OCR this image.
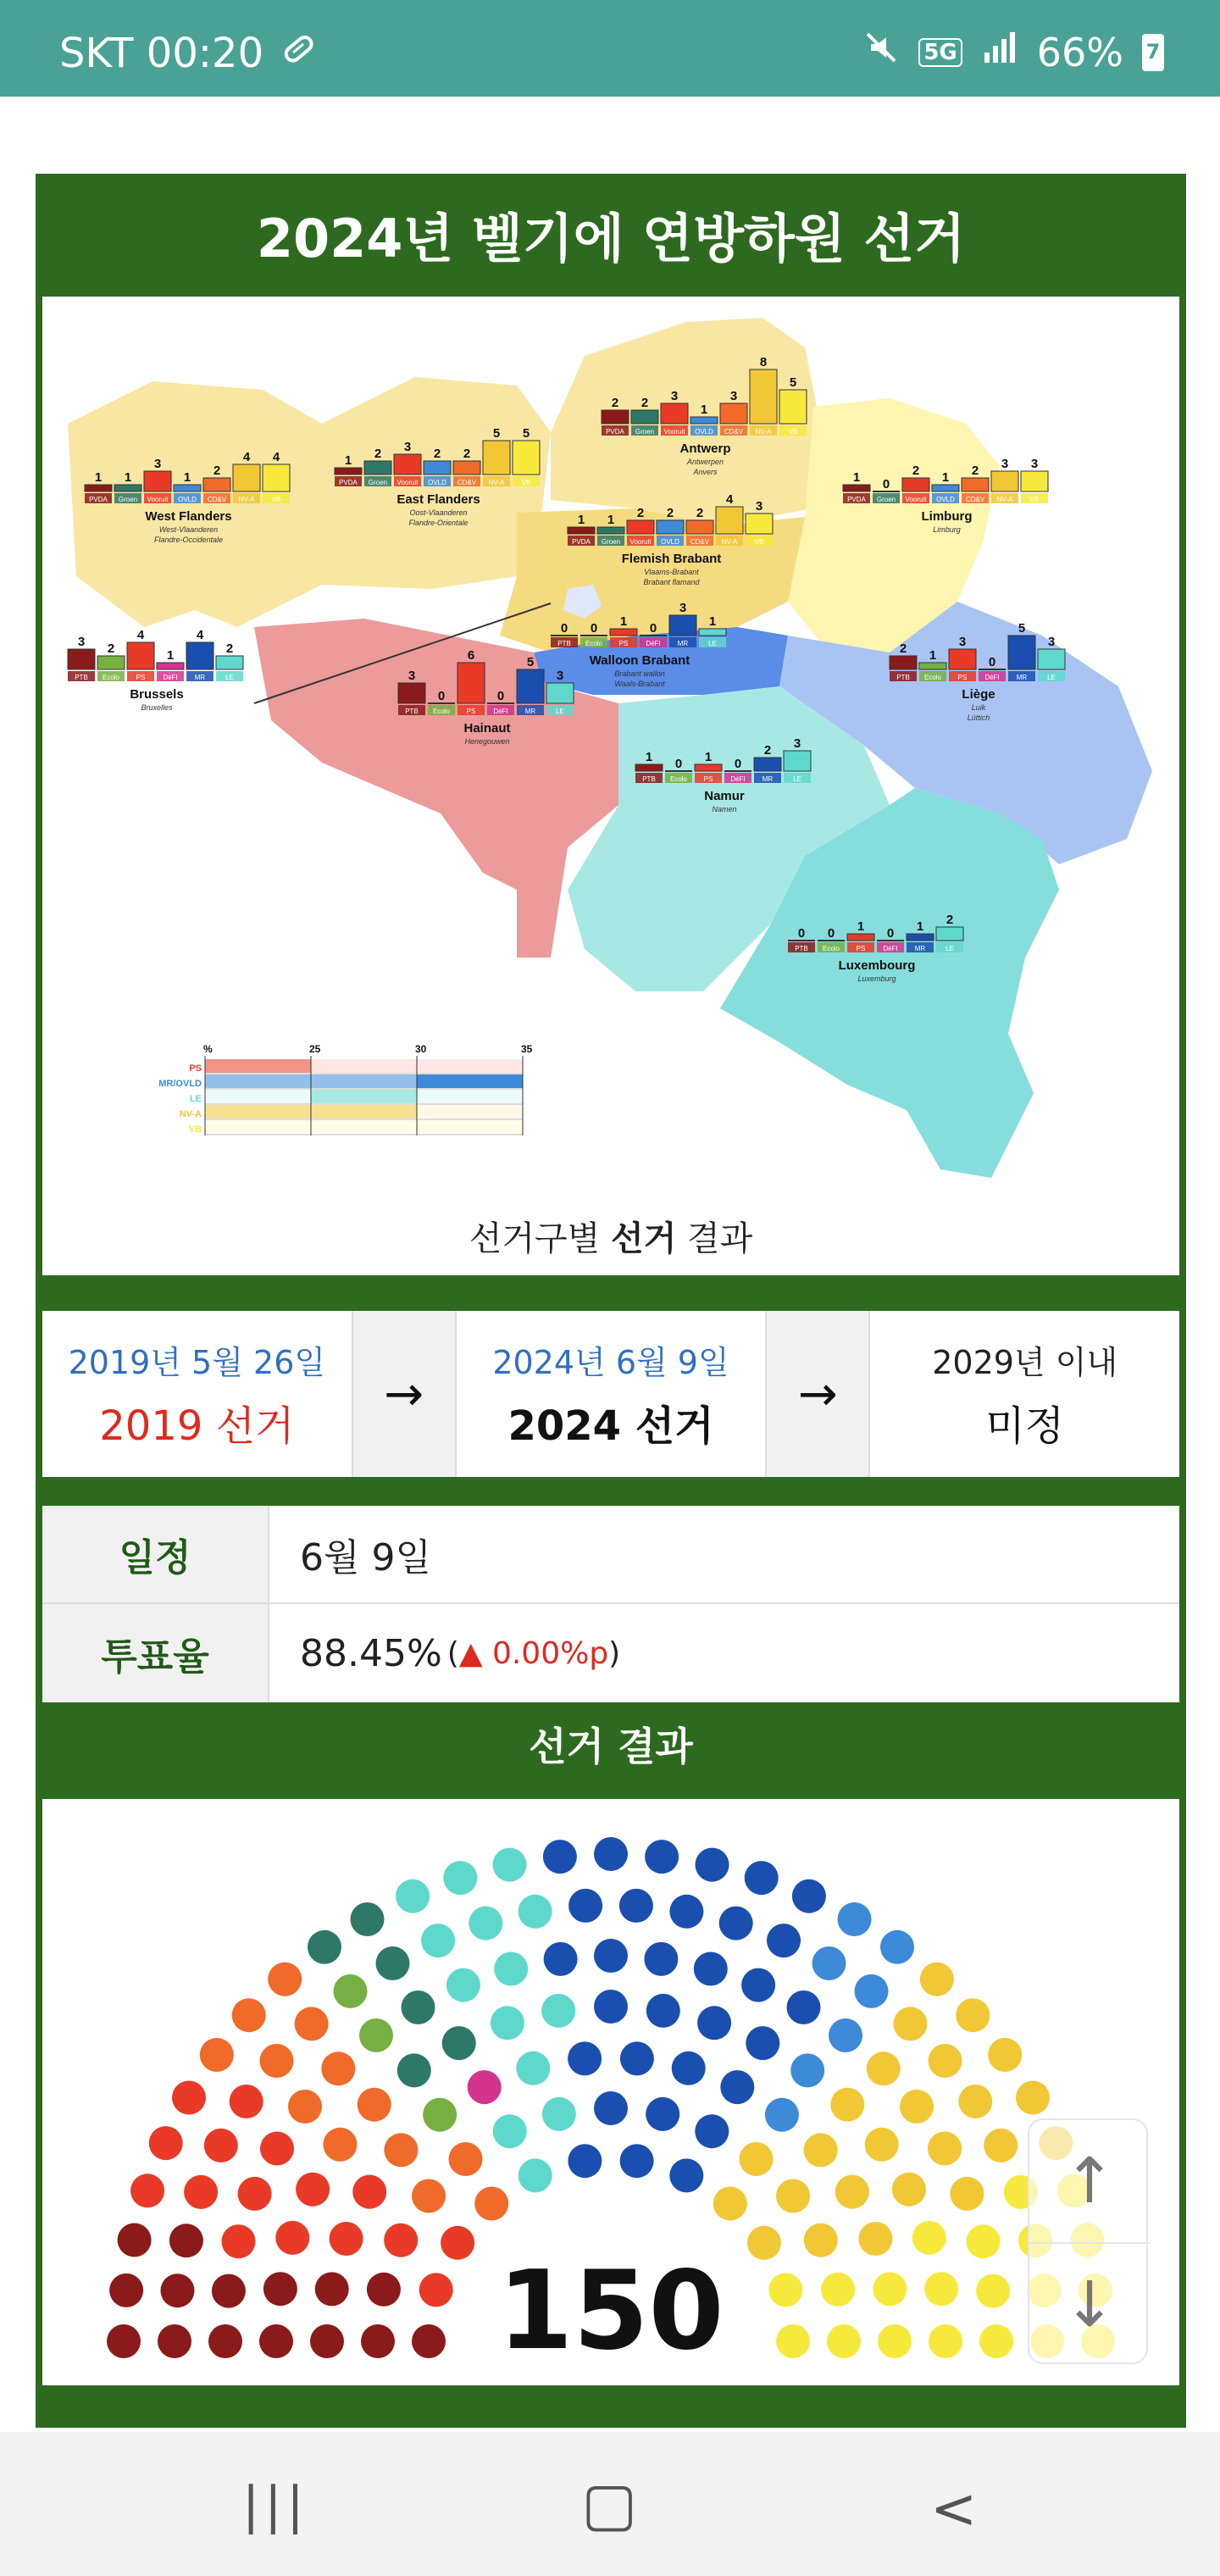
SKT 00:20	5G 66% 7
2024년 벨기에 연방하원 선거
2
PVDA
2
Groen
3
Vooruit
1
OVLD
3
CD&V
8
NV-A
5
VB
Antwerp
Antwerpen
Anvers
1
PVDA
1
Groen
3
Vooruit
1
OVLD
2
CD&V
4
NV-A
4
VB
West Flanders
West-Vlaanderen
Flandre-Occidentale
1
PVDA
2
Groen
3
Vooruit
2
OVLD
2
CD&V
5
NV-A
5
VB
East Flanders
Oost-Vlaanderen
Flandre-Orientale
1
PVDA
0
Groen
2
Vooruit
1
OVLD
2
CD&V
3
NV-A
3
VB
Limburg
Limburg
1
PVDA
1
Groen
2
Vooruit
2
OVLD
2
CD&V
4
NV-A
3
VB
Flemish Brabant
Vlaams-Brabant
Brabant flamand
0
PTB
0
Ecolo
1
PS
0
DéFI
3
MR
1
LE
Walloon Brabant
Brabant wallon
Waals-Brabant
3
PTB
2
Ecolo
4
PS
1
DéFI
4
MR
2
LE
Brussels
Bruxelles
3
PTB
0
Ecolo
6
PS
0
DéFI
5
MR
3
LE
Hainaut
Henegouwen
2
PTB
1
Ecolo
3
PS
0
DéFI
5
MR
3
LE
Liège
Luik
Lüttich
1
PTB
0
Ecolo
1
PS
0
DéFI
2
MR
3
LE
Namur
Namen
0
PTB
0
Ecolo
1
PS
0
DéFI
1
MR
2
LE
Luxembourg
Luxemburg
%	25	30	35
PS
MR/OVLD
LE
NV-A
VB
선거구별 선거 결과
2019년 5월 26일
2019 선거
→
2024년 6월 9일
2024 선거
→
2029년 이내
미정
일정	6월 9일
투표율	88.45% (▲ 0.00%p)
선거 결과
150
↑
↓
|||	▢	<
